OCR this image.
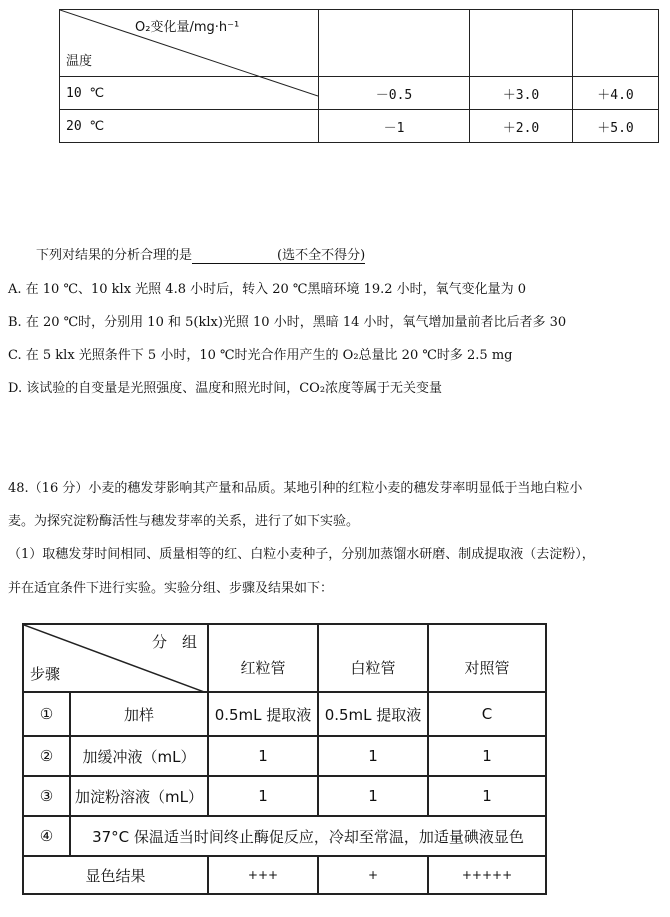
O₂变化量/mg·h⁻¹
温度			

10 ℃	－0.5	＋3.0	＋4.0
20 ℃	－1	＋2.0	＋5.0
下列对结果的分析合理的是	(选不全不得分)
A. 在 10 ℃、10 klx 光照 4.8 小时后，转入 20 ℃黑暗环境 19.2 小时，氧气变化量为 0
B. 在 20 ℃时，分别用 10 和 5(klx)光照 10 小时，黑暗 14 小时，氧气增加量前者比后者多 30
C. 在 5 klx 光照条件下 5 小时，10 ℃时光合作用产生的 O₂总量比 20 ℃时多 2.5 mg
D. 该试验的自变量是光照强度、温度和照光时间，CO₂浓度等属于无关变量
48.（16 分）小麦的穗发芽影响其产量和品质。某地引种的红粒小麦的穗发芽率明显低于当地白粒小
麦。为探究淀粉酶活性与穗发芽率的关系，进行了如下实验。
（1）取穗发芽时间相同、质量相等的红、白粒小麦种子，分别加蒸馏水研磨、制成提取液（去淀粉），
并在适宜条件下进行实验。实验分组、步骤及结果如下：
分　组
步骤		红粒管	白粒管	对照管
①	加样	0.5mL 提取液	0.5mL 提取液	C
②	加缓冲液（mL）	1	1	1
③	加淀粉溶液（mL）	1	1	1
④	37°C 保温适当时间终止酶促反应，冷却至常温，加适量碘液显色			
显色结果		+++	+	+++++
